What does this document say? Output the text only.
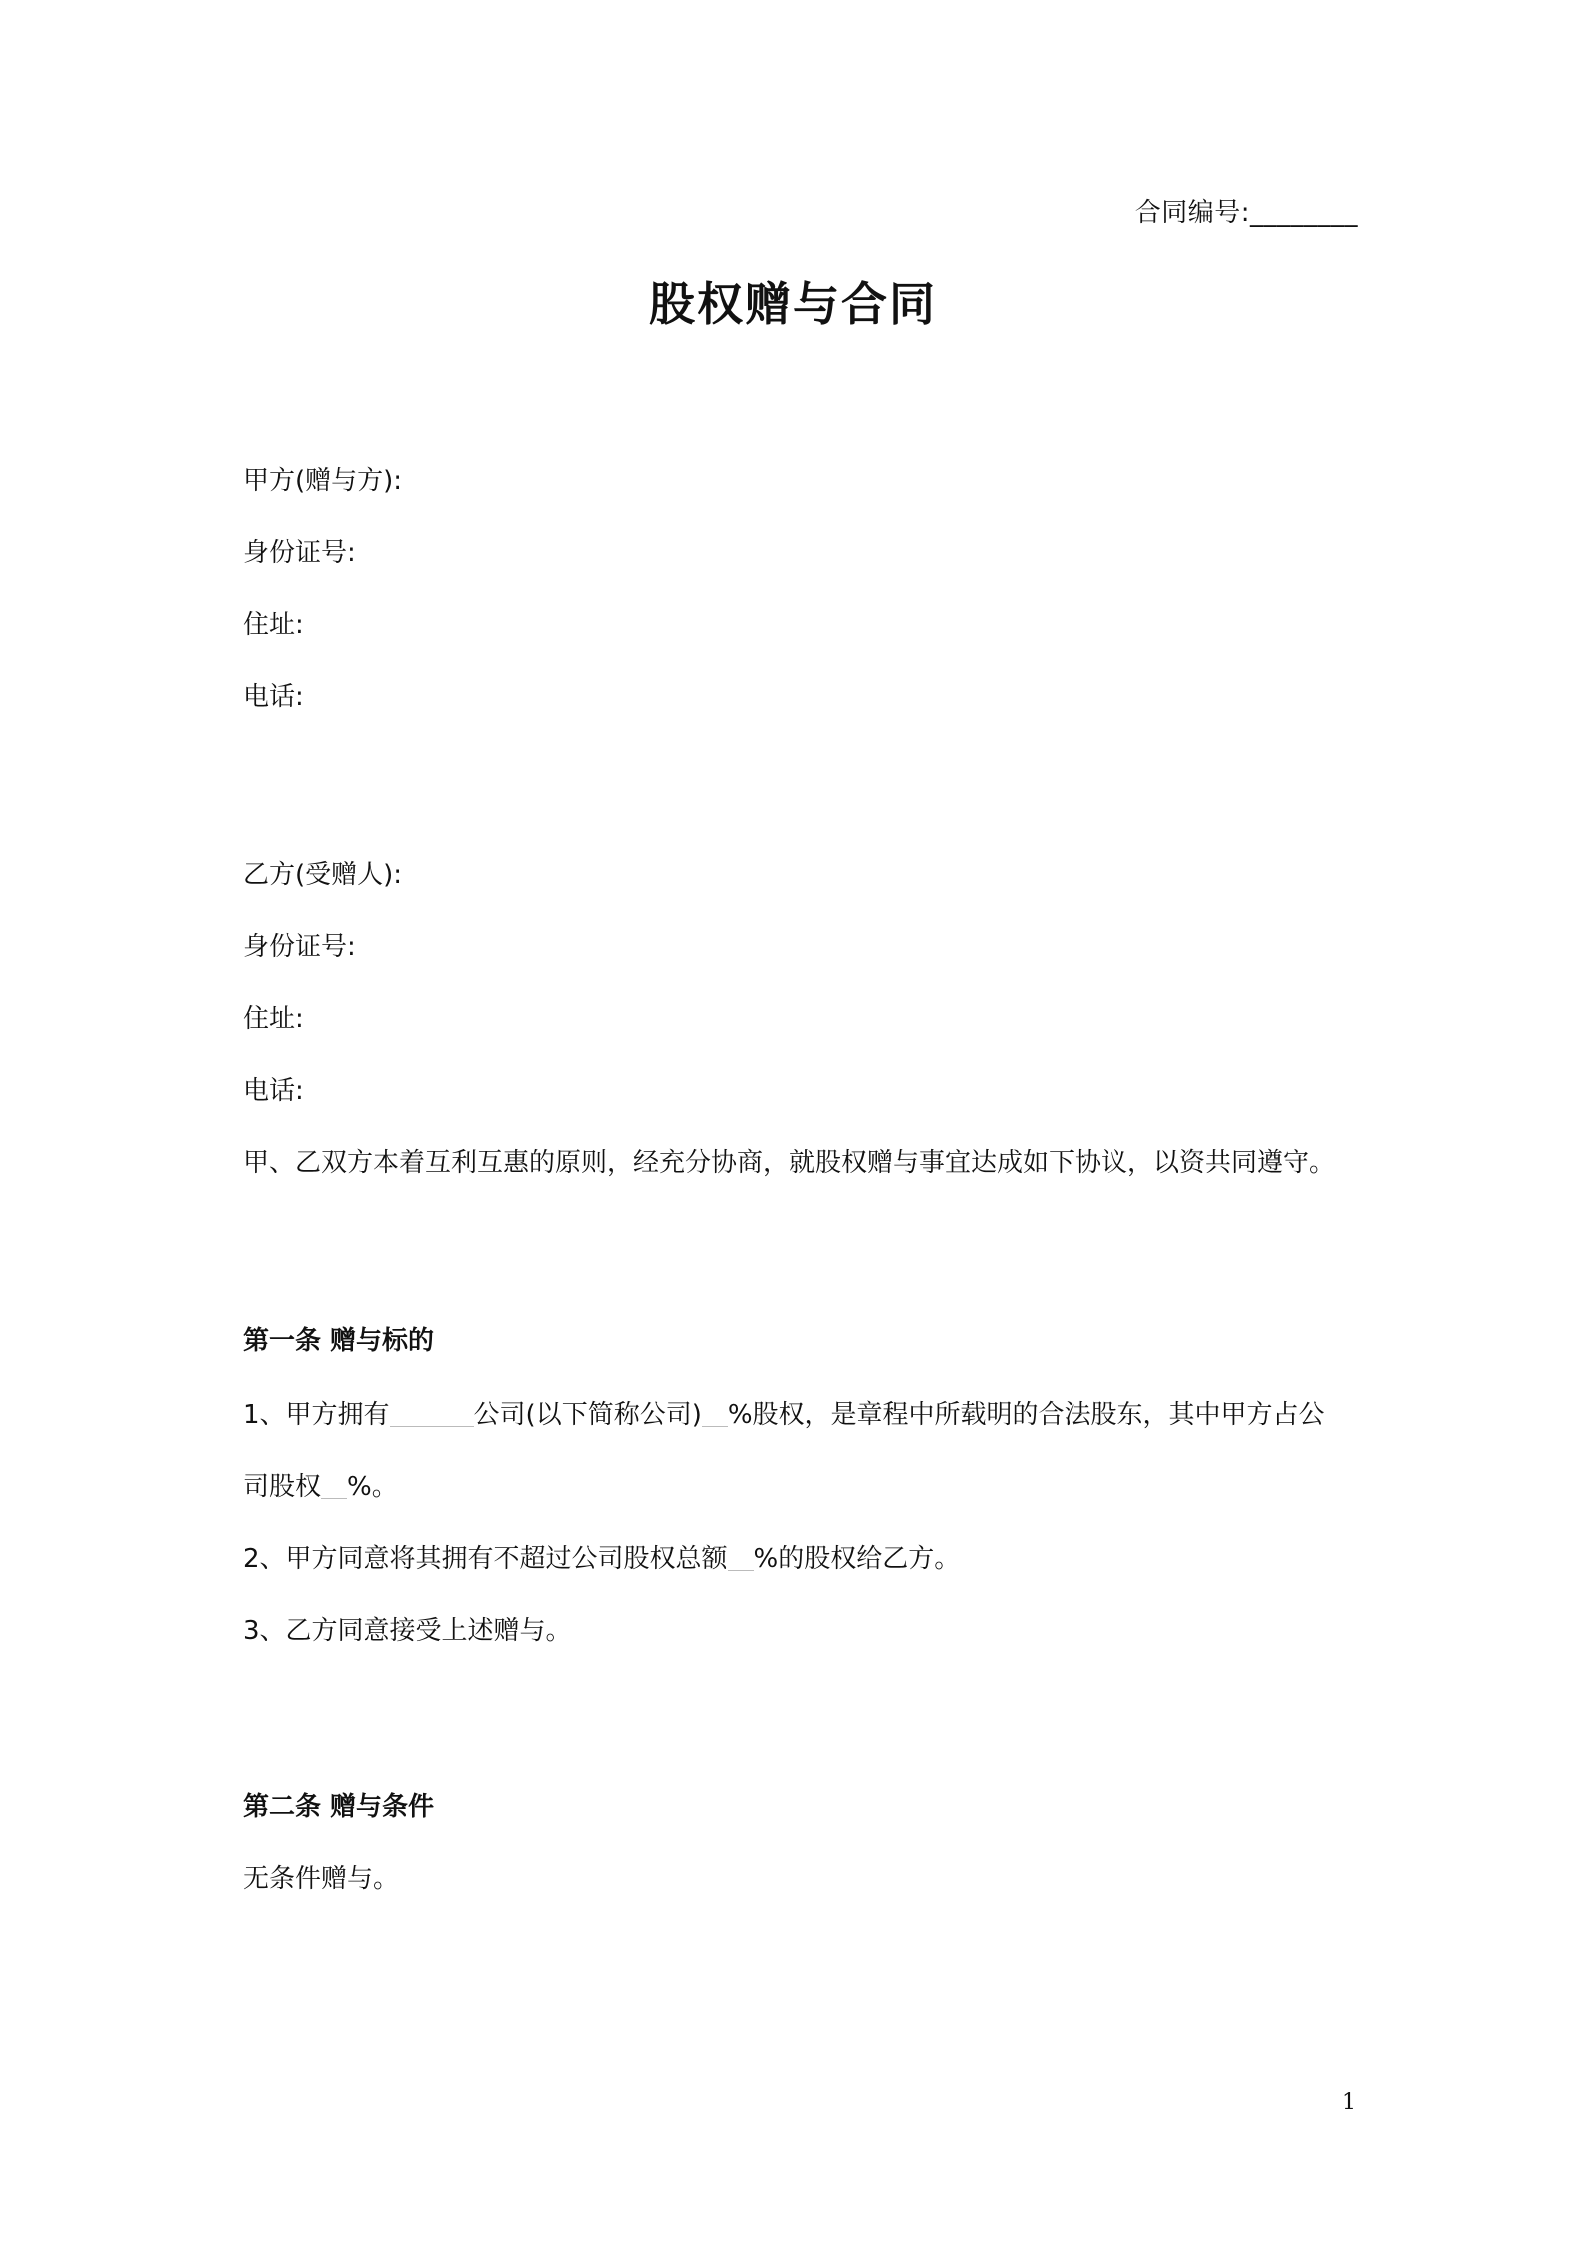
合同编号:________
股权赠与合同
甲方(赠与方):
身份证号:
住址:
电话:
乙方(受赠人):
身份证号:
住址:
电话:
甲、乙双方本着互利互惠的原则，经充分协商，就股权赠与事宜达成如下协议，以资共同遵守。
第一条 赠与标的
1、甲方拥有	公司(以下简称公司) %股权，是章程中所载明的合法股东，其中甲方占公
司股权 %。
2、甲方同意将其拥有不超过公司股权总额 %的股权给乙方。
3、乙方同意接受上述赠与。
第二条 赠与条件
无条件赠与。
1
